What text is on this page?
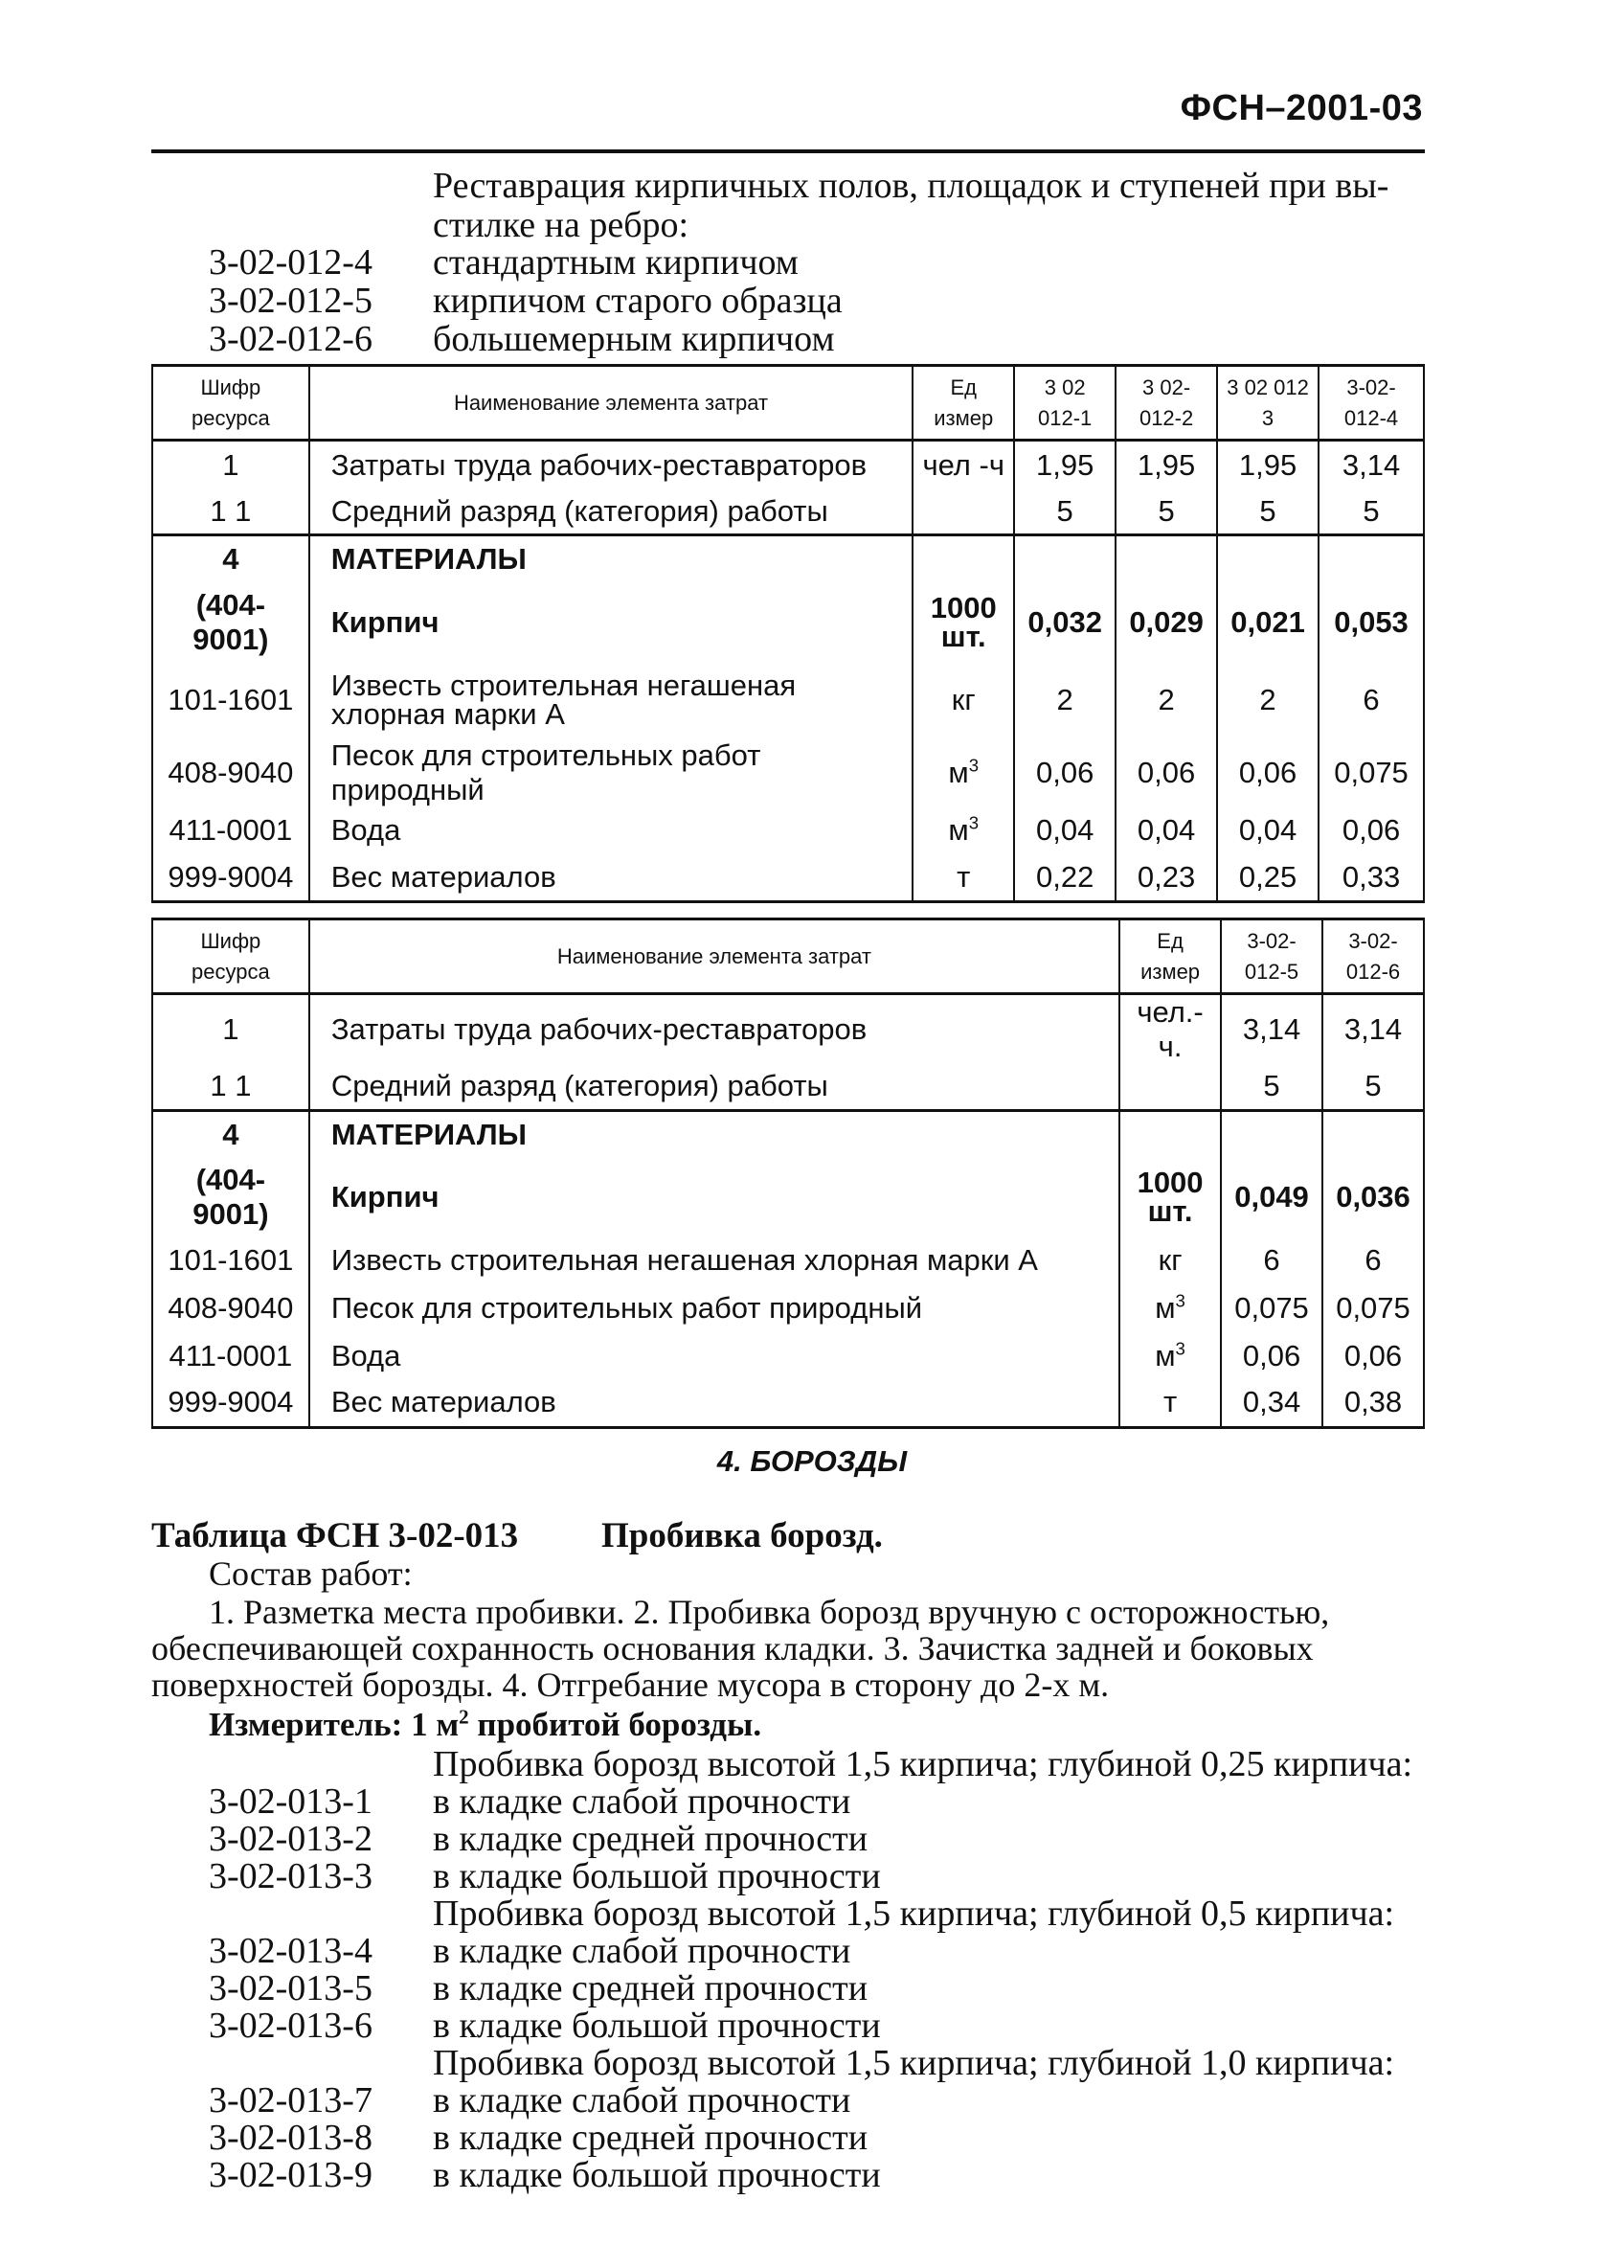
ФСН–2001-03
Реставрация кирпичных полов, площадок и ступеней при вы-
стилке на ребро:
3-02-012-4 стандартным кирпичом
3-02-012-5 кирпичом старого образца
3-02-012-6 большемерным кирпичом
Шифр ресурса	Наименование элемента затрат	Ед измер	3 02 012-1	3 02-012-2	3 02 012 3	3-02-012-4
1	Затраты труда рабочих-реставраторов	чел -ч	1,95	1,95	1,95	3,14
1 1	Средний разряд (категория) работы		5	5	5	5
4	МАТЕРИАЛЫ					
(404-9001)	Кирпич	1000 шт.	0,032	0,029	0,021	0,053
101-1601	Известь строительная негашеная хлорная марки А	кг	2	2	2	6
408-9040	Песок для строительных работ природный	$м^3$	0,06	0,06	0,06	0,075
411-0001	Вода	$м^3$	0,04	0,04	0,04	0,06
999-9004	Вес материалов	т	0,22	0,23	0,25	0,33
Шифр ресурса	Наименование элемента затрат	Ед измер	3-02-012-5	3-02-012-6
1	Затраты труда рабочих-реставраторов	чел.-ч.	3,14	3,14
1 1	Средний разряд (категория) работы		5	5
4	МАТЕРИАЛЫ			
(404-9001)	Кирпич	1000 шт.	0,049	0,036
101-1601	Известь строительная негашеная хлорная марки А	кг	6	6
408-9040	Песок для строительных работ природный	$м^3$	0,075	0,075
411-0001	Вода	$м^3$	0,06	0,06
999-9004	Вес материалов	т	0,34	0,38
4. БОРОЗДЫ
Таблица ФСН 3-02-013 Пробивка борозд.
Состав работ:
1. Разметка места пробивки. 2. Пробивка борозд вручную с осторожностью, обеспечивающей сохранность основания кладки. 3. Зачистка задней и боковых поверхностей борозды. 4. Отгребание мусора в сторону до 2-х м.
Измеритель: 1 $м^2$ пробитой борозды.
Пробивка борозд высотой 1,5 кирпича; глубиной 0,25 кирпича:
3-02-013-1 в кладке слабой прочности
3-02-013-2 в кладке средней прочности
3-02-013-3 в кладке большой прочности
Пробивка борозд высотой 1,5 кирпича; глубиной 0,5 кирпича:
3-02-013-4 в кладке слабой прочности
3-02-013-5 в кладке средней прочности
3-02-013-6 в кладке большой прочности
Пробивка борозд высотой 1,5 кирпича; глубиной 1,0 кирпича:
3-02-013-7 в кладке слабой прочности
3-02-013-8 в кладке средней прочности
3-02-013-9 в кладке большой прочности
